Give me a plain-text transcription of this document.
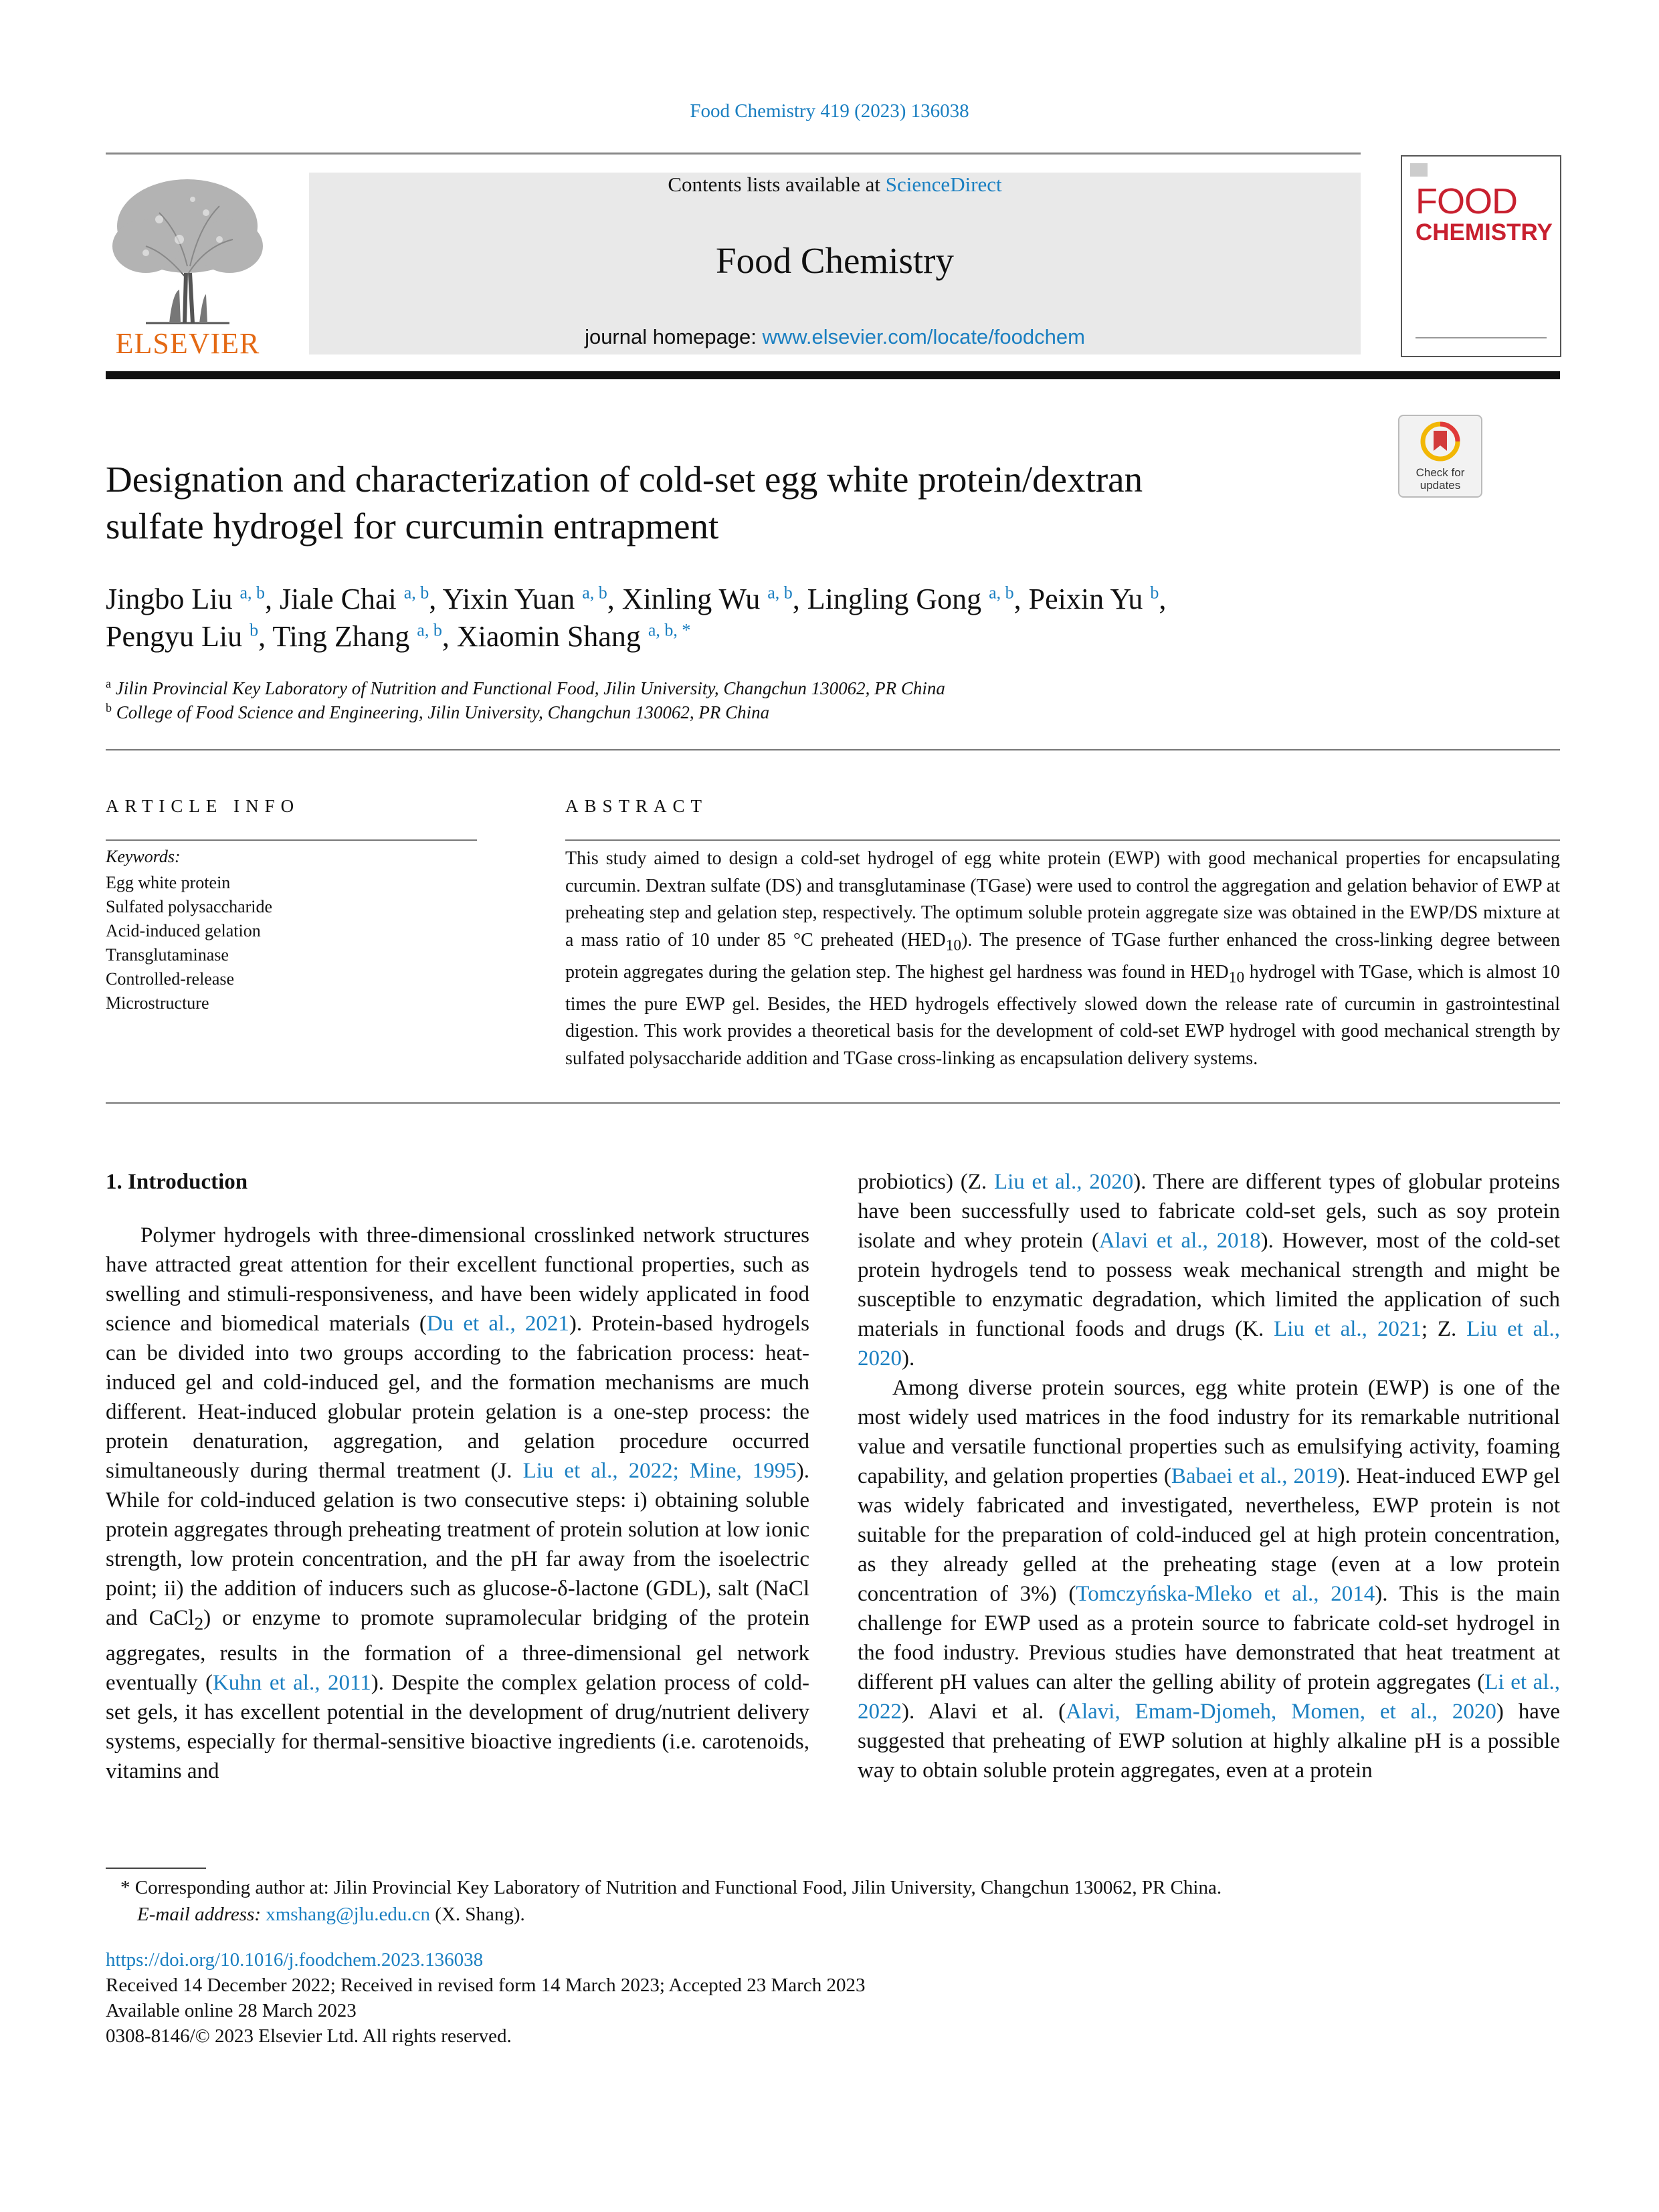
Food Chemistry 419 (2023) 136038
ELSEVIER
Contents lists available at ScienceDirect
Food Chemistry
journal homepage: www.elsevier.com/locate/foodchem
FOOD
CHEMISTRY
Check for updates
Designation and characterization of cold-set egg white protein/dextran
sulfate hydrogel for curcumin entrapment
Jingbo Liu $^{a, b}$, Jiale Chai $^{a, b}$, Yixin Yuan $^{a, b}$, Xinling Wu $^{a, b}$, Lingling Gong $^{a, b}$, Peixin Yu $^b$,
Pengyu Liu $^b$, Ting Zhang $^{a, b}$, Xiaomin Shang $^{a, b, *}$
$^a$ Jilin Provincial Key Laboratory of Nutrition and Functional Food, Jilin University, Changchun 130062, PR China
$^b$ College of Food Science and Engineering, Jilin University, Changchun 130062, PR China
ARTICLE INFO	ABSTRACT
Keywords:
Egg white protein
Sulfated polysaccharide
Acid-induced gelation
Transglutaminase
Controlled-release
Microstructure
This study aimed to design a cold-set hydrogel of egg white protein (EWP) with good mechanical properties for encapsulating curcumin. Dextran sulfate (DS) and transglutaminase (TGase) were used to control the aggregation and gelation behavior of EWP at preheating step and gelation step, respectively. The optimum soluble protein aggregate size was obtained in the EWP/DS mixture at a mass ratio of 10 under 85 °C preheated $(HED_{10})$. The presence of TGase further enhanced the cross-linking degree between protein aggregates during the gelation step. The highest gel hardness was found in $HED_{10}$ hydrogel with TGase, which is almost 10 times the pure EWP gel. Besides, the HED hydrogels effectively slowed down the release rate of curcumin in gastrointestinal digestion. This work provides a theoretical basis for the development of cold-set EWP hydrogel with good mechanical strength by sulfated polysaccharide addition and TGase cross-linking as encapsulation delivery systems.
1. Introduction

Polymer hydrogels with three-dimensional crosslinked network structures have attracted great attention for their excellent functional properties, such as swelling and stimuli-responsiveness, and have been widely applicated in food science and biomedical materials (Du et al., 2021). Protein-based hydrogels can be divided into two groups according to the fabrication process: heat-induced gel and cold-induced gel, and the formation mechanisms are much different. Heat-induced globular protein gelation is a one-step process: the protein denaturation, aggregation, and gelation procedure occurred simultaneously during thermal treatment (J. Liu et al., 2022; Mine, 1995). While for cold-induced gelation is two consecutive steps: i) obtaining soluble protein aggregates through preheating treatment of protein solution at low ionic strength, low protein concentration, and the pH far away from the isoelectric point; ii) the addition of inducers such as glucose-δ-lactone (GDL), salt (NaCl and CaCl$_2$) or enzyme to promote supramolecular bridging of the protein aggregates, results in the formation of a three-dimensional gel network eventually (Kuhn et al., 2011). Despite the complex gelation process of cold-set gels, it has excellent potential in the development of drug/nutrient delivery systems, especially for thermal-sensitive bioactive ingredients (i.e. carotenoids, vitamins and

probiotics) (Z. Liu et al., 2020). There are different types of globular proteins have been successfully used to fabricate cold-set gels, such as soy protein isolate and whey protein (Alavi et al., 2018). However, most of the cold-set protein hydrogels tend to possess weak mechanical strength and might be susceptible to enzymatic degradation, which limited the application of such materials in functional foods and drugs (K. Liu et al., 2021; Z. Liu et al., 2020).

Among diverse protein sources, egg white protein (EWP) is one of the most widely used matrices in the food industry for its remarkable nutritional value and versatile functional properties such as emulsifying activity, foaming capability, and gelation properties (Babaei et al., 2019). Heat-induced EWP gel was widely fabricated and investigated, nevertheless, EWP protein is not suitable for the preparation of cold-induced gel at high protein concentration, as they already gelled at the preheating stage (even at a low protein concentration of 3%) (Tomczyńska-Mleko et al., 2014). This is the main challenge for EWP used as a protein source to fabricate cold-set hydrogel in the food industry. Previous studies have demonstrated that heat treatment at different pH values can alter the gelling ability of protein aggregates (Li et al., 2022). Alavi et al. (Alavi, Emam-Djomeh, Momen, et al., 2020) have suggested that preheating of EWP solution at highly alkaline pH is a possible way to obtain soluble protein aggregates, even at a protein

* Corresponding author at: Jilin Provincial Key Laboratory of Nutrition and Functional Food, Jilin University, Changchun 130062, PR China.
E-mail address: xmshang@jlu.edu.cn (X. Shang).
https://doi.org/10.1016/j.foodchem.2023.136038
Received 14 December 2022; Received in revised form 14 March 2023; Accepted 23 March 2023
Available online 28 March 2023
0308-8146/© 2023 Elsevier Ltd. All rights reserved.
